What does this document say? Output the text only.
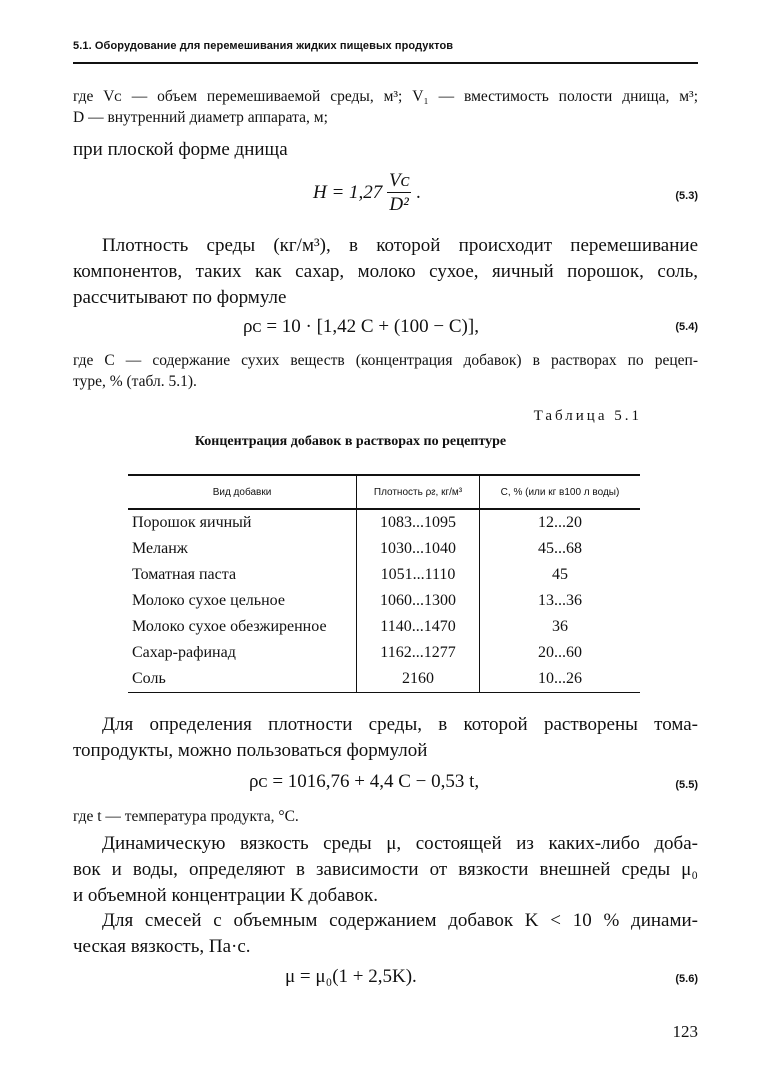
5.1. Оборудование для перемешивания жидких пищевых продуктов
где Vᴄ — объем перемешиваемой среды, м³; V₁ — вместимость полости днища, м³;
D — внутренний диаметр аппарата, м;
при плоской форме днища
$H = 1,27 \frac{\text{Vᴄ}}{\text{D²}}$ .	(5.3)
Плотность среды (кг/м³), в которой происходит перемешивание
компонентов, таких как сахар, молоко сухое, яичный порошок, соль,
рассчитывают по формуле
ρᴄ = 10 · [1,42 C + (100 − C)],	(5.4)
где C — содержание сухих веществ (концентрация добавок) в растворах по рецеп-
туре, % (табл. 5.1).
Таблица 5.1
Концентрация добавок в растворах по рецептуре
Вид добавки	Плотность ρᴤ, кг/м³	С, % (или кг в100 л воды)
Порошок яичный	1083...1095	12...20
Меланж	1030...1040	45...68
Томатная паста	1051...1110	45
Молоко сухое цельное	1060...1300	13...36
Молоко сухое обезжиренное	1140...1470	36
Сахар-рафинад	1162...1277	20...60
Соль	2160	10...26
Для определения плотности среды, в которой растворены тома-
топродукты, можно пользоваться формулой
ρᴄ = 1016,76 + 4,4 C − 0,53 t,	(5.5)
где t — температура продукта, °С.
Динамическую вязкость среды μ, состоящей из каких-либо доба-
вок и воды, определяют в зависимости от вязкости внешней среды μ₀
и объемной концентрации K добавок.
Для смесей с объемным содержанием добавок K < 10 % динами-
ческая вязкость, Па·с.
μ = μ₀(1 + 2,5K).	(5.6)
123
